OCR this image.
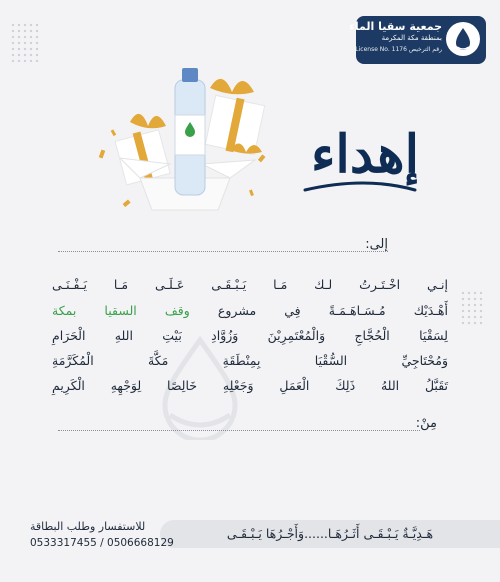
جمعية سقيا الماء
بمنطقة مكة المكرمة
License No. 1176 رقم الترخيص
إهداء
إلى:
إنـي اخْـتَـرتُ لـك مَـا يَـبْـقَـى عَـلَـى مَـا يَـفْـنَـى
أَهْـدَيْك مُـسَـاهَـمَـةً فِي مشروع وقف السقيا بمكة
لِسَقْيَا الْحُجَّاجِ وَالْمُعْتَمِرِيْنَ وَزُوَّادِ بَيْتِ اللهِ الْحَرَامِ
وَمُحْتَاجِيِّ السُّقْيَا بِمِنْطَقَةِ مَكَّةَ الْمُكَرَّمَةِ
تَقَبَّلُ اللهُ ذَلِكَ الْعَمَلِ وَجَعْلِهِ خَالِصًا لِوَجْهِهِ الْكَرِيمِ
مِنْ:
هَـدِيَّـةٌ يَـبْـقَـى أَثَـرُهَـا......وَأَجْـرُهَا يَـبْـقَـى
للاستفسار وطلب البطاقة
0533317455 / 0506668129
